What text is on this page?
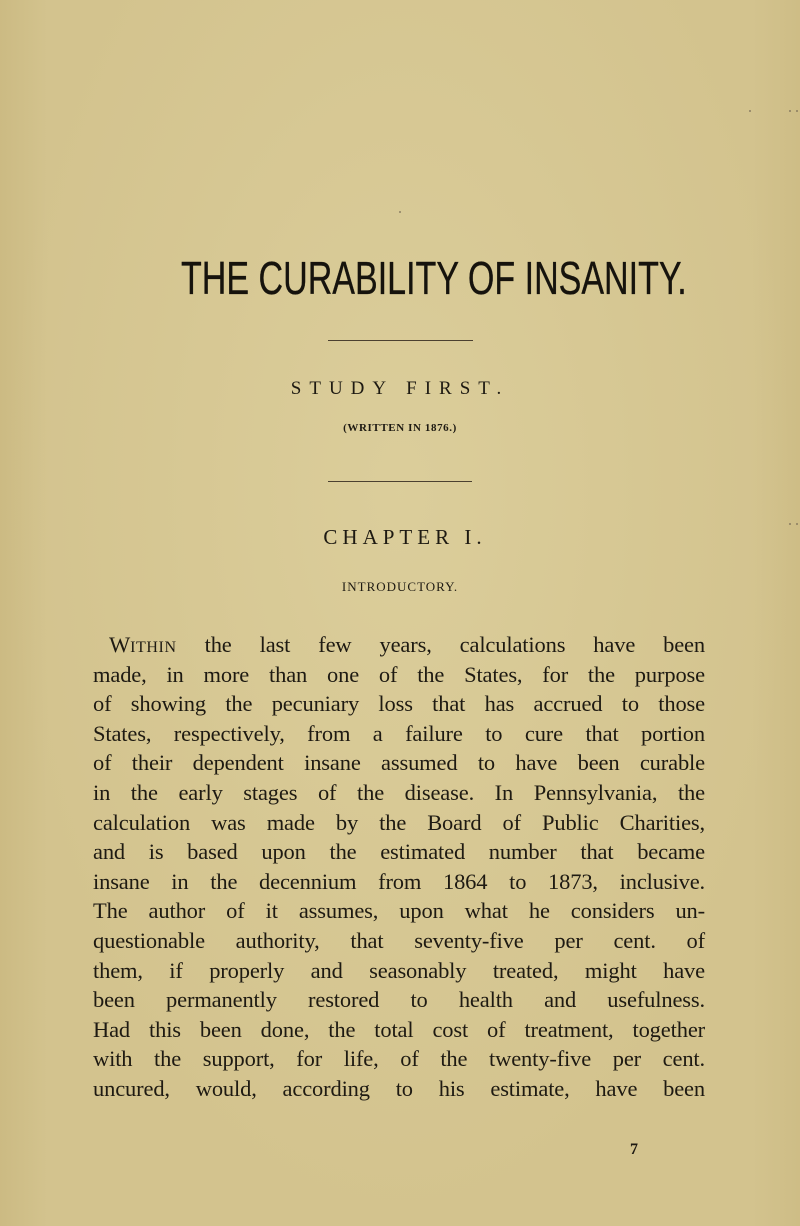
THE CURABILITY OF INSANITY.
STUDY FIRST.
(WRITTEN IN 1876.)
CHAPTER I.
INTRODUCTORY.
WITHIN the last few years, calculations have been
made, in more than one of the States, for the purpose
of showing the pecuniary loss that has accrued to those
States, respectively, from a failure to cure that portion
of their dependent insane assumed to have been curable
in the early stages of the disease. In Pennsylvania, the
calculation was made by the Board of Public Charities,
and is based upon the estimated number that became
insane in the decennium from 1864 to 1873, inclusive.
The author of it assumes, upon what he considers un-
questionable authority, that seventy-five per cent. of
them, if properly and seasonably treated, might have
been permanently restored to health and usefulness.
Had this been done, the total cost of treatment, together
with the support, for life, of the twenty-five per cent.
uncured, would, according to his estimate, have been
7
